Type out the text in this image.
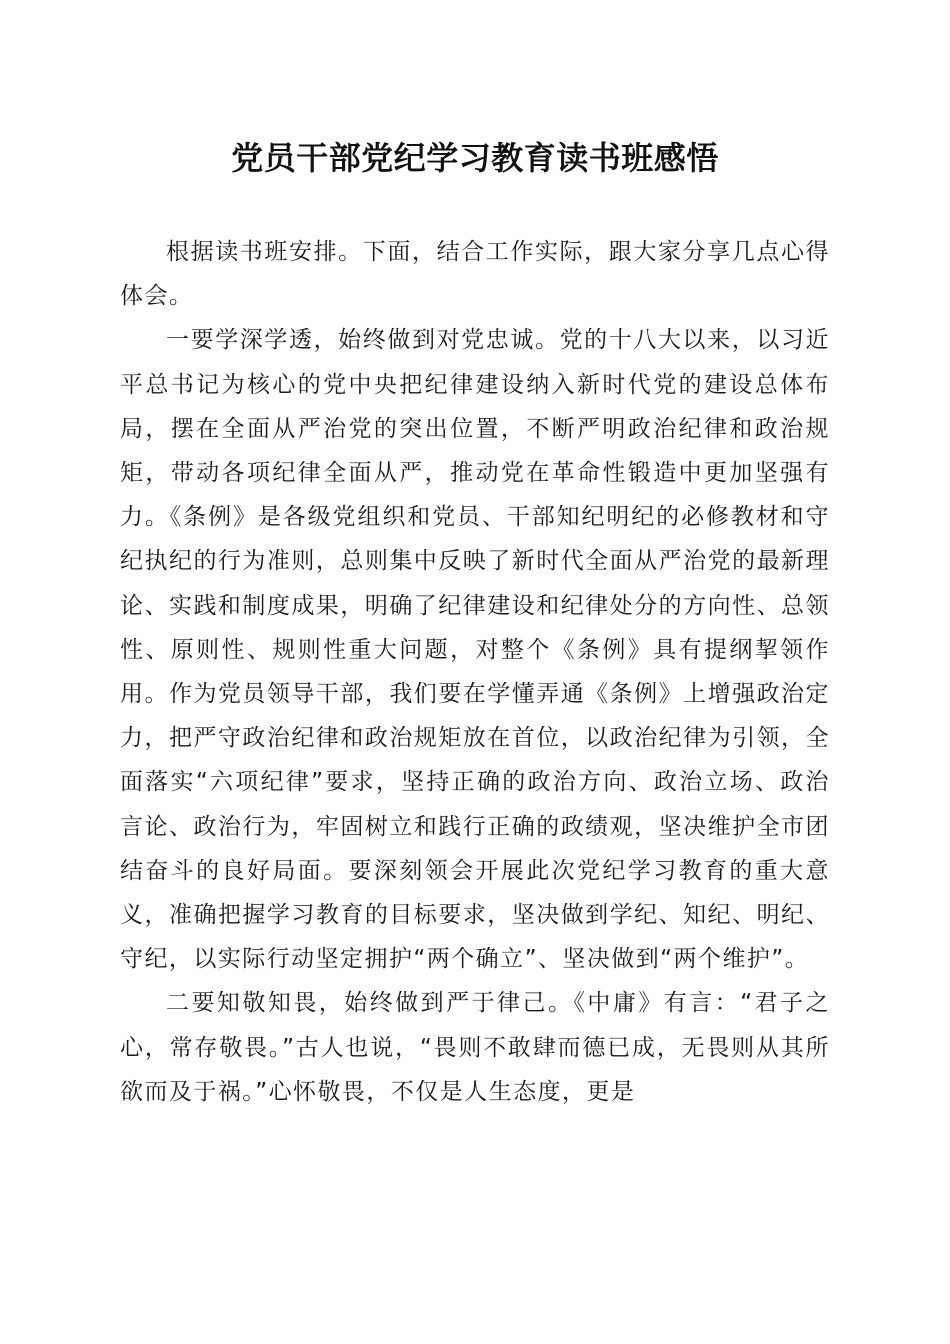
党员干部党纪学习教育读书班感悟

根据读书班安排。下面，结合工作实际，跟大家分享几点心得体会。

一要学深学透，始终做到对党忠诚。党的十八大以来，以习近平总书记为核心的党中央把纪律建设纳入新时代党的建设总体布局，摆在全面从严治党的突出位置，不断严明政治纪律和政治规矩，带动各项纪律全面从严，推动党在革命性锻造中更加坚强有力。《条例》是各级党组织和党员、干部知纪明纪的必修教材和守纪执纪的行为准则，总则集中反映了新时代全面从严治党的最新理论、实践和制度成果，明确了纪律建设和纪律处分的方向性、总领性、原则性、规则性重大问题，对整个《条例》具有提纲挈领作用。作为党员领导干部，我们要在学懂弄通《条例》上增强政治定力，把严守政治纪律和政治规矩放在首位，以政治纪律为引领，全面落实“六项纪律”要求，坚持正确的政治方向、政治立场、政治言论、政治行为，牢固树立和践行正确的政绩观，坚决维护全市团结奋斗的良好局面。要深刻领会开展此次党纪学习教育的重大意义，准确把握学习教育的目标要求，坚决做到学纪、知纪、明纪、守纪，以实际行动坚定拥护“两个确立”、坚决做到“两个维护”。

二要知敬知畏，始终做到严于律己。《中庸》有言：“君子之心，常存敬畏。”古人也说，“畏则不敢肆而德已成，无畏则从其所欲而及于祸。”心怀敬畏，不仅是人生态度，更是
